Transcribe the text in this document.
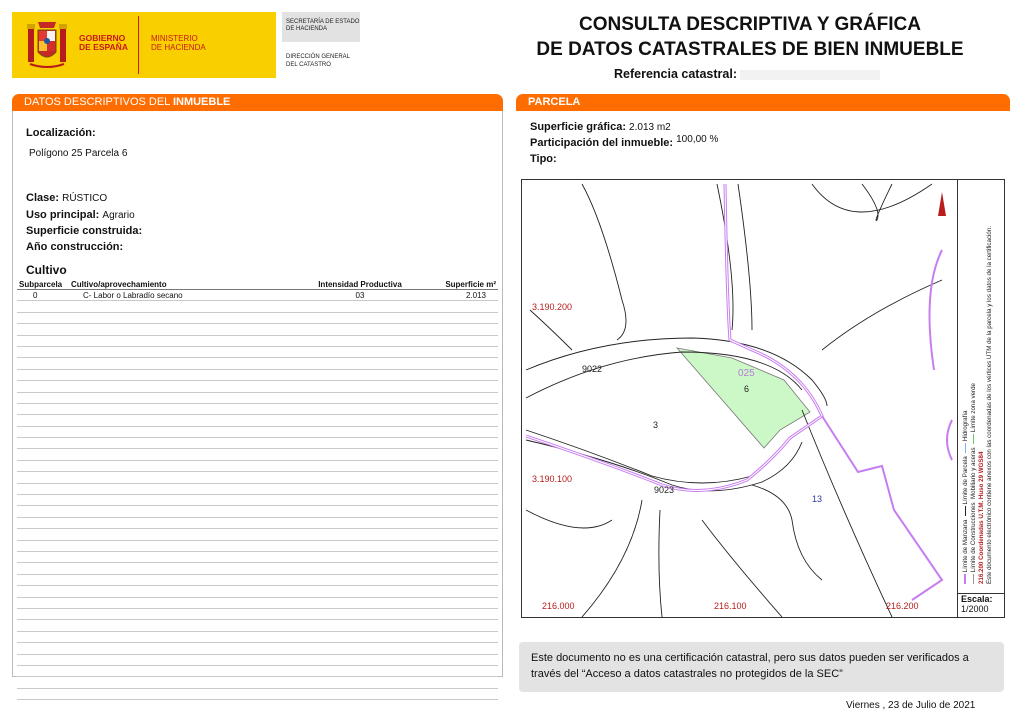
GOBIERNO
DE ESPAÑA
MINISTERIO
DE HACIENDA
SECRETARÍA DE ESTADO
DE HACIENDA
DIRECCIÓN GENERAL
DEL CATASTRO
CONSULTA DESCRIPTIVA Y GRÁFICA
DE DATOS CATASTRALES DE BIEN INMUEBLE
Referencia catastral:
DATOS DESCRIPTIVOS DEL INMUEBLE
Localización:
Polígono 25 Parcela 6
Clase: RÚSTICO
Uso principal: Agrario
Superficie construida:
Año construcción:
Cultivo
Subparcela	Cultivo/aprovechamiento	Intensidad Productiva	Superficie m²
0	C- Labor o Labradío secano	03	2.013

PARCELA
Superficie gráfica: 2.013 m2
Participación del inmueble: 100,00 %
Tipo:
3.190.200
3.190.100
216.000	216.100	216.200
9022
9023
025
6
3
13
Límite de Manzana   Límite de Parcela   Hidrografía
Límite de Construcciones  Mobiliario y aceras   Límite zona verde
216.200 Coordenadas U.T.M. Huso 29 WGS84 Este documento electrónico contiene anexos con las coordenadas de los vértices UTM de la parcela y los datos de la certificación.
Escala:
1/2000
Este documento no es una certificación catastral, pero sus datos pueden ser verificados a través del “Acceso a datos catastrales no protegidos de la SEC”
Viernes , 23 de Julio de 2021
